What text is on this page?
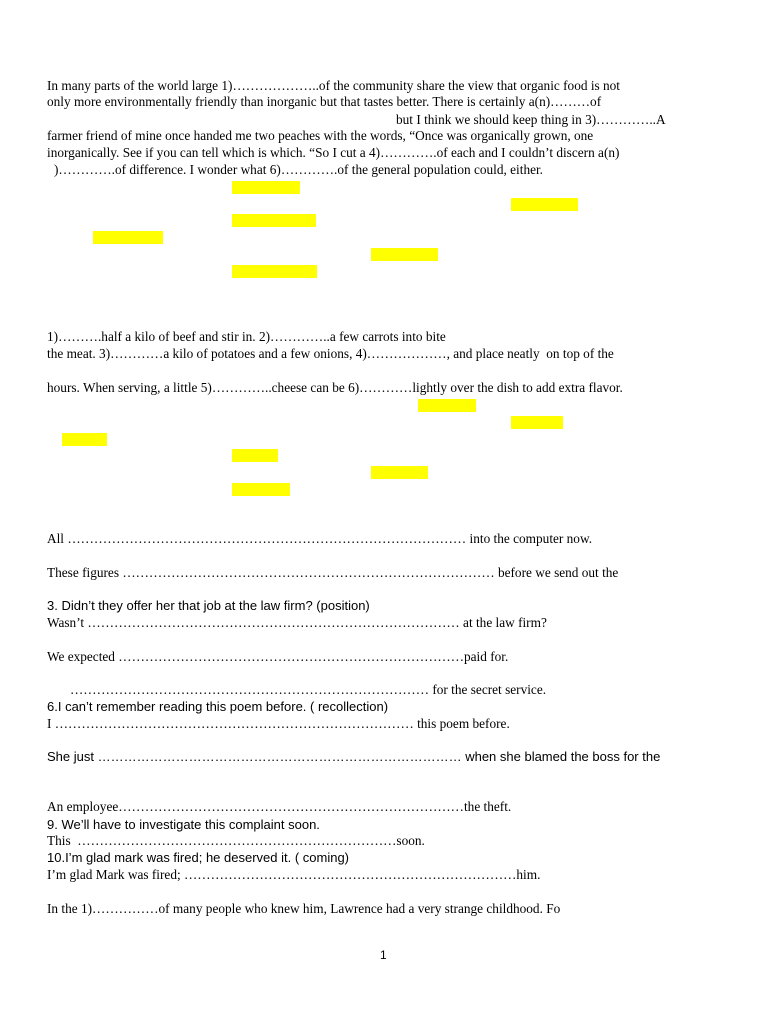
In many parts of the world large 1)………………..of the community share the view that organic food is not
only more environmentally friendly than inorganic but that tastes better. There is certainly a(n)………of
but I think we should keep thing in 3)…………..A
farmer friend of mine once handed me two peaches with the words, “Once was organically grown, one
inorganically. See if you can tell which is which. “So I cut a 4)………….of each and I couldn’t discern a(n)
)………….of difference. I wonder what 6)………….of the general population could, either.
1)……….half a kilo of beef and stir in. 2)…………..a few carrots into bite
the meat. 3)…………a kilo of potatoes and a few onions, 4)………………, and place neatly  on top of the
hours. When serving, a little 5)…………..cheese can be 6)…………lightly over the dish to add extra flavor.
All ……………………………………………………………………………… into the computer now.
These figures ………………………………………………………………………… before we send out the
3. Didn’t they offer her that job at the law firm? (position)
Wasn’t ………………………………………………………………………… at the law firm?
We expected ……………………………………………………………………paid for.
……………………………………………………………………… for the secret service.
6.I can’t remember reading this poem before. ( recollection)
I ……………………………………………………………………… this poem before.
She just ………………………………………………………………………… when she blamed the boss for the
An employee……………………………………………………………………the theft.
9. We’ll have to investigate this complaint soon.
This  ………………………………………………………………soon.
10.I’m glad mark was fired; he deserved it. ( coming)
I’m glad Mark was fired; …………………………………………………………………him.
In the 1)……………of many people who knew him, Lawrence had a very strange childhood. Fo
1
